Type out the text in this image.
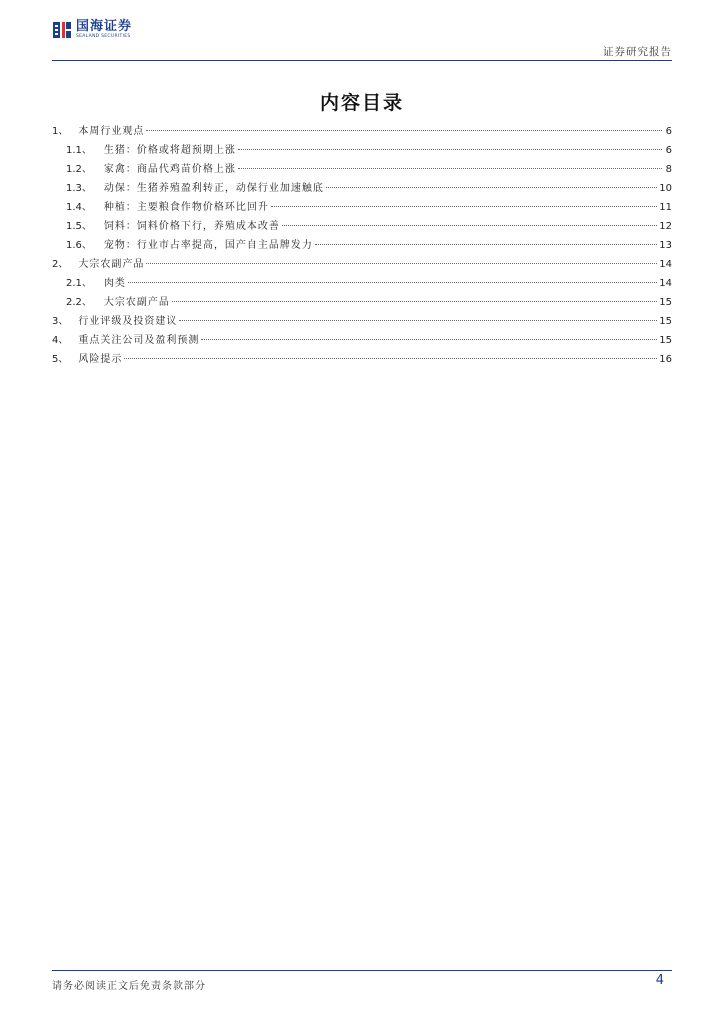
国海证券
SEALAND SECURITIES
证券研究报告
内容目录
1、 本周行业观点	6
1.1、 生猪：价格或将超预期上涨	6
1.2、 家禽：商品代鸡苗价格上涨	8
1.3、 动保：生猪养殖盈利转正，动保行业加速触底	10
1.4、 种植：主要粮食作物价格环比回升	11
1.5、 饲料：饲料价格下行，养殖成本改善	12
1.6、 宠物：行业市占率提高，国产自主品牌发力	13
2、 大宗农副产品	14
2.1、 肉类	14
2.2、 大宗农副产品	15
3、 行业评级及投资建议	15
4、 重点关注公司及盈利预测	15
5、 风险提示	16
请务必阅读正文后免责条款部分	4
